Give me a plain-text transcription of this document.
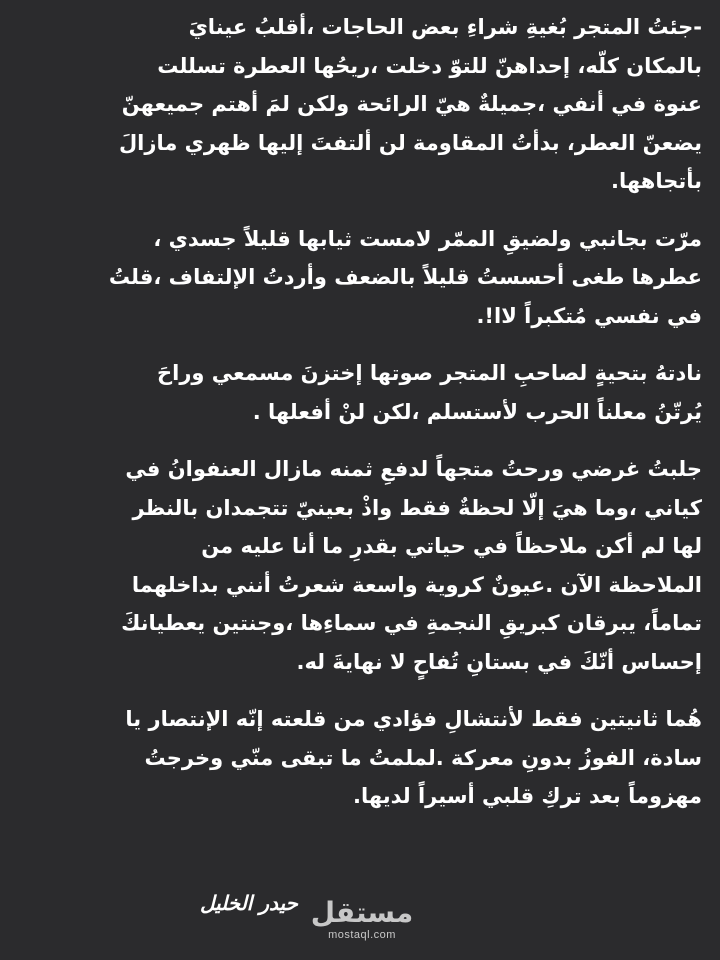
-جئتُ المتجر بُغيةِ شراءِ بعض الحاجات ،أقلبُ عينايَ
بالمكان كلّه، إحداهنّ للتوّ دخلت ،ريحُها العطرة تسللت
عنوة في أنفي ،جميلةٌ هيّ الرائحة ولكن لمَ أهتم جميعهنّ
يضعنّ العطر، بدأتُ المقاومة لن ألتفتَ إليها ظهري مازالَ
بأتجاهها.

مرّت بجانبي ولضيقِ الممّر لامست ثيابها قليلاً جسدي ،
عطرها طغى أحسستُ قليلاً بالضعف وأردتُ الإلتفاف ،قلتُ
في نفسي مُتكبراً لاا!.

نادتهُ بتحيةٍ لصاحبِ المتجر صوتها إختزنَ مسمعي وراحَ
يُرتّنُ معلناً الحرب لأستسلم ،لكن لنْ أفعلها .

جلبتُ غرضي ورحتُ متجهاً لدفعِ ثمنه مازال العنفوانُ في
كياني ،وما هيَ إلّا لحظةٌ فقط واذْ بعينيّ تتجمدان بالنظر
لها لم أكن ملاحظاً في حياتي بقدرِ ما أنا عليه من
الملاحظة الآن .عيونٌ كروية واسعة شعرتُ أنني بداخلهما
تماماً، يبرقان كبريقِ النجمةِ في سماءِها ،وجنتين يعطيانكَ
إحساس أنّكَ في بستانِ تُفاحٍ لا نهايةَ له.

هُما ثانيتين فقط لأنتشالِ فؤادي من قلعته إنّه الإنتصار يا
سادة، الفوزُ بدونِ معركة .لملمتُ ما تبقى منّي وخرجتُ
مهزوماً بعد تركِ قلبي أسيراً لديها.

حيدر الخليل مستقل
mostaql.com
